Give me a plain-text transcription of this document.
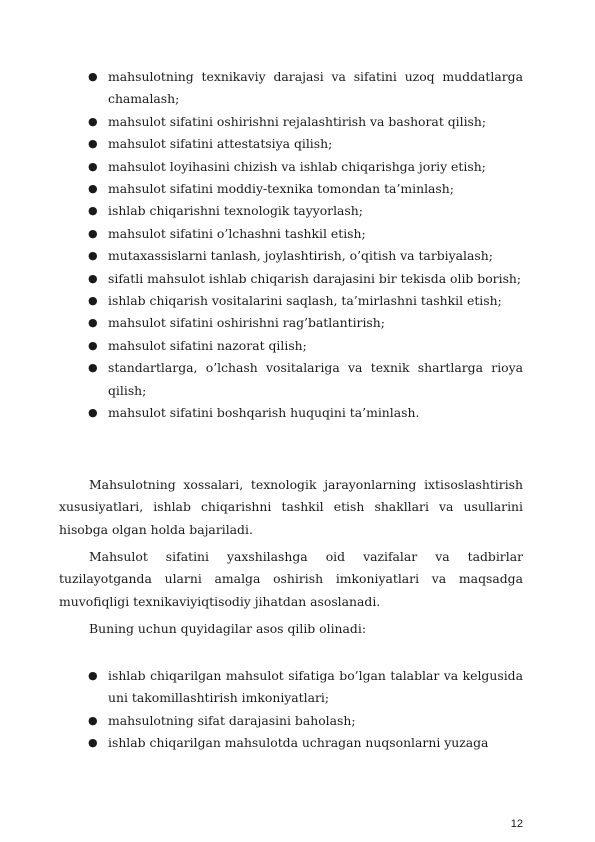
● mahsulotning texnikaviy darajasi va sifatini uzoq muddatlarga chamalash;
● mahsulot sifatini oshirishni rejalashtirish va bashorat qilish;
● mahsulot sifatini attestatsiya qilish;
● mahsulot loyihasini chizish va ishlab chiqarishga joriy etish;
● mahsulot sifatini moddiy-texnika tomondan ta’minlash;
● ishlab chiqarishni texnologik tayyorlash;
● mahsulot sifatini o’lchashni tashkil etish;
● mutaxassislarni tanlash, joylashtirish, o’qitish va tarbiyalash;
● sifatli mahsulot ishlab chiqarish darajasini bir tekisda olib borish;
● ishlab chiqarish vositalarini saqlash, ta’mirlashni tashkil etish;
● mahsulot sifatini oshirishni rag’batlantirish;
● mahsulot sifatini nazorat qilish;
● standartlarga, o’lchash vositalariga va texnik shartlarga rioya qilish;
● mahsulot sifatini boshqarish huquqini ta’minlash.

Mahsulotning xossalari, texnologik jarayonlarning ixtisoslashtirish xususiyatlari, ishlab chiqarishni tashkil etish shakllari va usullarini hisobga olgan holda bajariladi.

Mahsulot sifatini yaxshilashga oid vazifalar va tadbirlar tuzilayotganda ularni amalga oshirish imkoniyatlari va maqsadga muvofiqligi texnikaviyiqtisodiy jihatdan asoslanadi.

Buning uchun quyidagilar asos qilib olinadi:

● ishlab chiqarilgan mahsulot sifatiga bo’lgan talablar va kelgusida uni takomillashtirish imkoniyatlari;
● mahsulotning sifat darajasini baholash;
● ishlab chiqarilgan mahsulotda uchragan nuqsonlarni yuzaga
12
